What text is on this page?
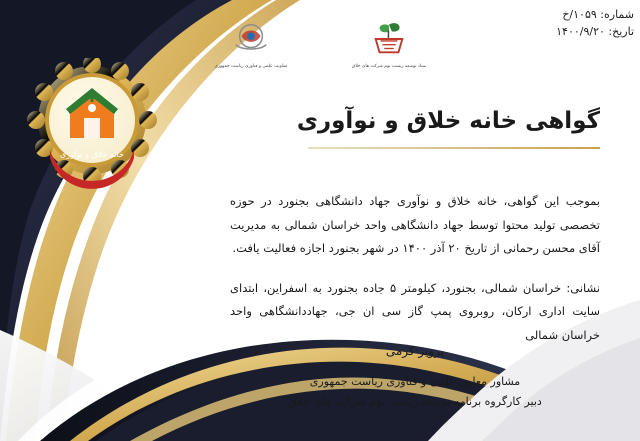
شماره: ۱۰۵۹/خ
تاریخ: ۱۴۰۰/۹/۲۰
ستاد توسعه زیست بوم شرکت های خلاق
معاونت علمی و فناوری ریاست جمهوری
خانه خلاق و نوآوری
گواهی خانه خلاق و نوآوری
بموجب این گواهی، خانه خلاق و نوآوری جهاد دانشگاهی بجنورد در حوزه تخصصی تولید محتوا توسط جهاد دانشگاهی واحد خراسان شمالی به مدیریت آقای محسن رحمانی از تاریخ ۲۰ آذر ۱۴۰۰ در شهر بجنورد اجازه فعالیت یافت.
نشانی: خراسان شمالی، بجنورد، کیلومتر ۵ جاده بجنورد به اسفراین، ابتدای سایت اداری ارکان، روبروی پمپ گاز سی ان جی، جهاددانشگاهی واحد خراسان شمالی
پرویز کرمی
مشاور معاون علمی و فناوری ریاست جمهوری
دبیر کارگروه برنامه توسعه زیست بوم شرکت های خلاق
